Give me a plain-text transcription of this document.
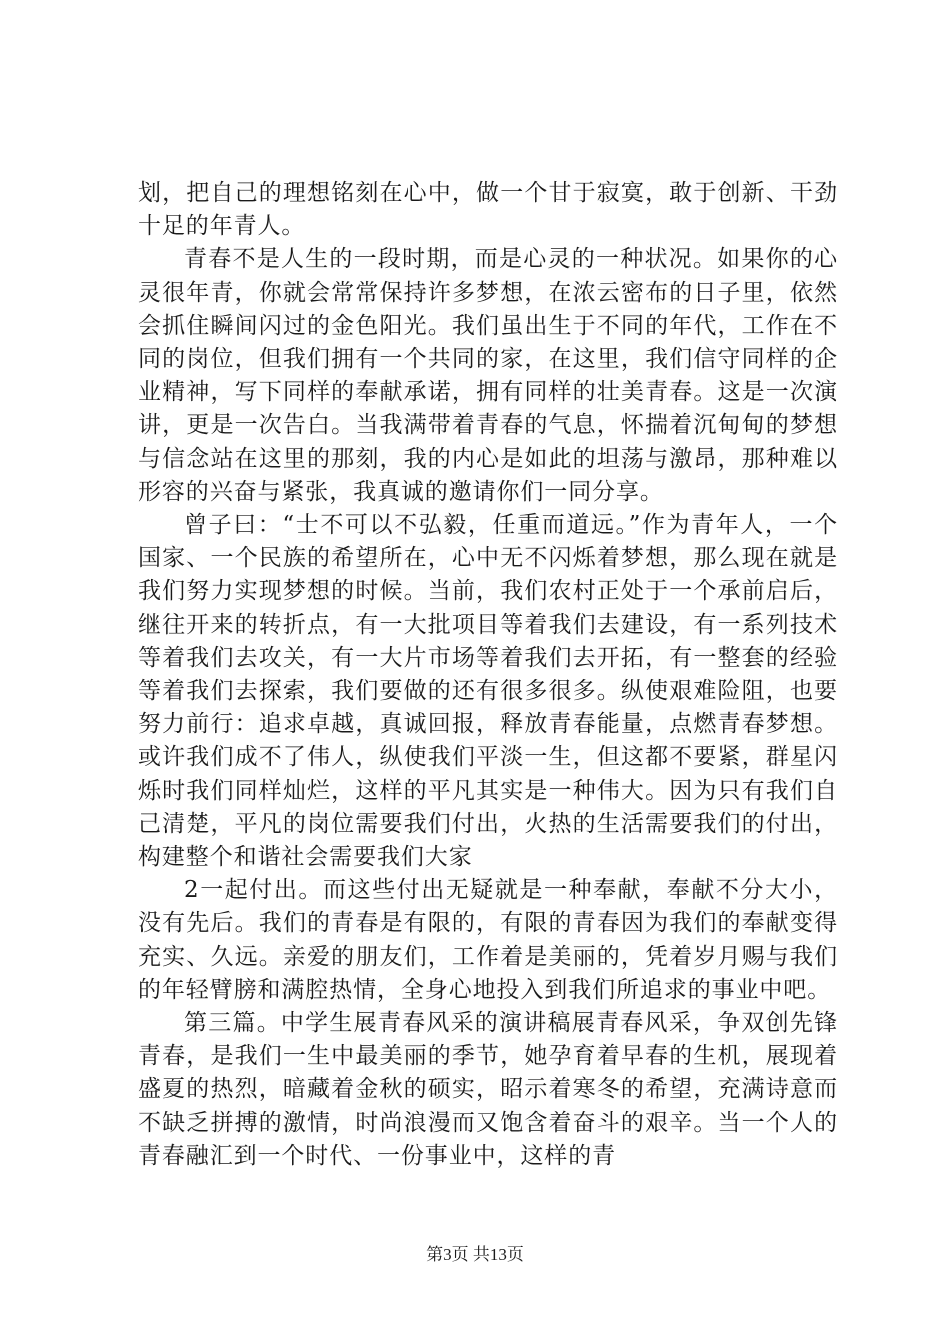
划，把自己的理想铭刻在心中，做一个甘于寂寞，敢于创新、干劲十足的年青人。

青春不是人生的一段时期，而是心灵的一种状况。如果你的心灵很年青，你就会常常保持许多梦想，在浓云密布的日子里，依然会抓住瞬间闪过的金色阳光。我们虽出生于不同的年代，工作在不同的岗位，但我们拥有一个共同的家，在这里，我们信守同样的企业精神，写下同样的奉献承诺，拥有同样的壮美青春。这是一次演讲，更是一次告白。当我满带着青春的气息，怀揣着沉甸甸的梦想与信念站在这里的那刻，我的内心是如此的坦荡与激昂，那种难以形容的兴奋与紧张，我真诚的邀请你们一同分享。

曾子曰：“士不可以不弘毅，任重而道远。”作为青年人，一个国家、一个民族的希望所在，心中无不闪烁着梦想，那么现在就是我们努力实现梦想的时候。当前，我们农村正处于一个承前启后，继往开来的转折点，有一大批项目等着我们去建设，有一系列技术等着我们去攻关，有一大片市场等着我们去开拓，有一整套的经验等着我们去探索，我们要做的还有很多很多。纵使艰难险阻，也要努力前行：追求卓越，真诚回报，释放青春能量，点燃青春梦想。或许我们成不了伟人，纵使我们平淡一生，但这都不要紧，群星闪烁时我们同样灿烂，这样的平凡其实是一种伟大。因为只有我们自己清楚，平凡的岗位需要我们付出，火热的生活需要我们的付出，构建整个和谐社会需要我们大家

2一起付出。而这些付出无疑就是一种奉献，奉献不分大小，没有先后。我们的青春是有限的，有限的青春因为我们的奉献变得充实、久远。亲爱的朋友们，工作着是美丽的，凭着岁月赐与我们的年轻臂膀和满腔热情，全身心地投入到我们所追求的事业中吧。

第三篇。中学生展青春风采的演讲稿展青春风采，争双创先锋青春，是我们一生中最美丽的季节，她孕育着早春的生机，展现着盛夏的热烈，暗藏着金秋的硕实，昭示着寒冬的希望，充满诗意而不缺乏拼搏的激情，时尚浪漫而又饱含着奋斗的艰辛。当一个人的青春融汇到一个时代、一份事业中，这样的青

第3页 共13页
